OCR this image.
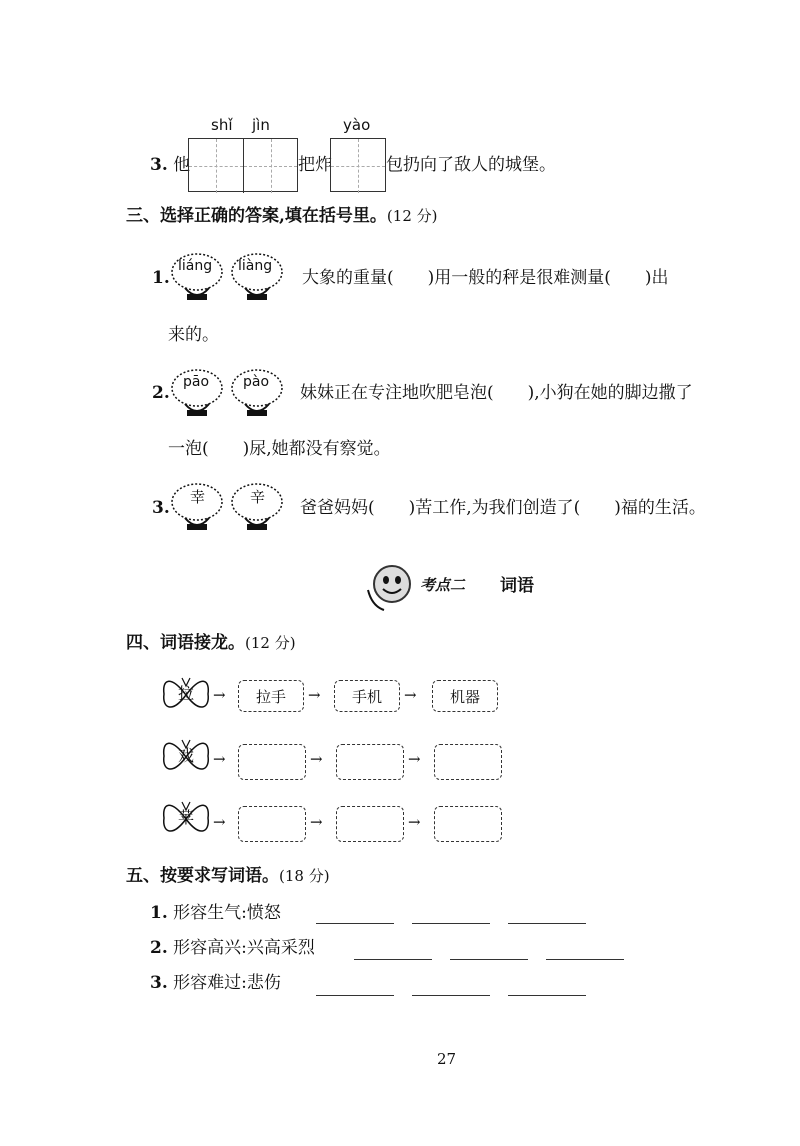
shǐ jìn	yào
3. 他	把炸	包扔向了敌人的城堡。
三、选择正确的答案,填在括号里。(12 分)
1.
liáng liàng
大象的重量(　　)用一般的秤是很难测量(　　)出
来的。
2.
pāo pào
妹妹正在专注地吹肥皂泡(　　),小狗在她的脚边撒了
一泡(　　)尿,她都没有察觉。
3.
幸	辛
爸爸妈妈(　　)苦工作,为我们创造了(　　)福的生活。
考点二 词语
四、词语接龙。(12 分)
拉 →	拉手	→	手机	→	机器
戏 →	→	→
苹 →	→	→
五、按要求写词语。(18 分)
1. 形容生气:愤怒
2. 形容高兴:兴高采烈
3. 形容难过:悲伤
27
